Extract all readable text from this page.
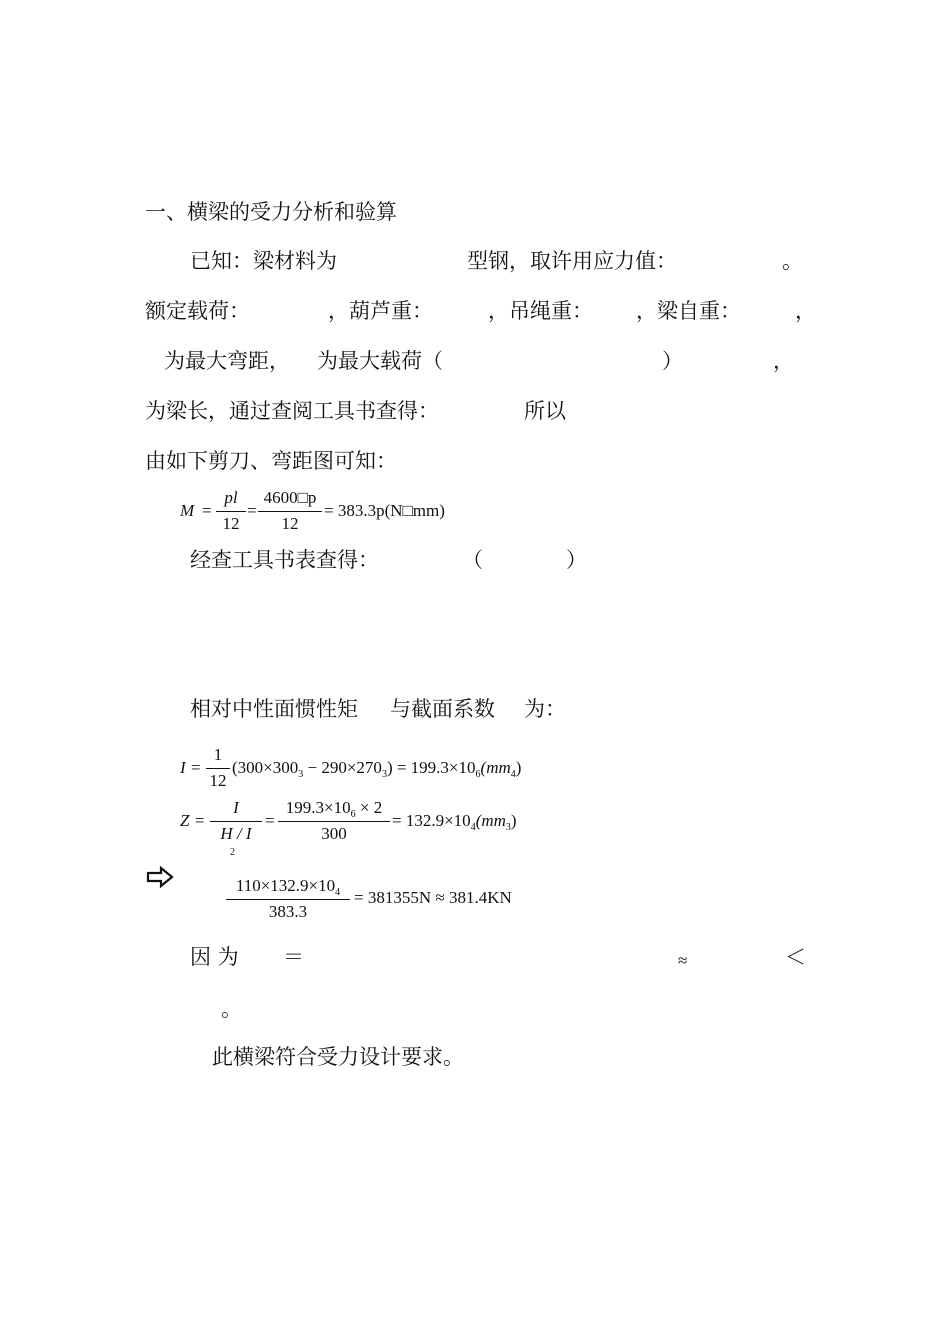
一、横梁的受力分析和验算
已知：梁材料为	型钢，取许用应力值：	。
额定载荷：	，葫芦重：	，吊绳重： ，梁自重：	，
为最大弯距， 为最大载荷（	）	，
为梁长，通过查阅工具书查得：	所以
由如下剪刀、弯距图可知：
M =
pl
12
=
4600□p
12
= 383.3p(N□mm)
经查工具书表查得：	（	）
相对中性面惯性矩 与截面系数 为：
I =
1
12
$(300\times 300^3 - 290\times 270^3) = 199.3\times 10^6(mm^4)$
Z =
I
H / I
2
=
$199.3\times 10^6 \times 2$
300
= $132.9\times 10^4(mm^3)$
$110\times 132.9\times 10^4$
383.3
= 381355N ≈ 381.4KN
因 为 ＝	≈	＜
。
此横梁符合受力设计要求。
